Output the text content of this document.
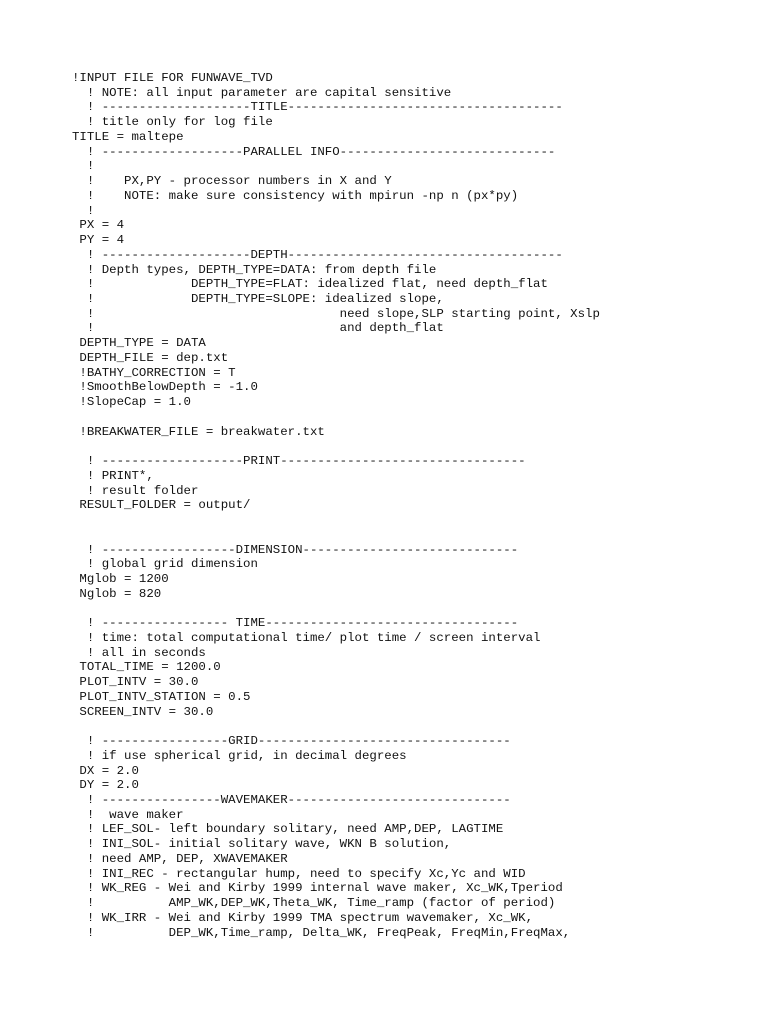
!INPUT FILE FOR FUNWAVE_TVD
! NOTE: all input parameter are capital sensitive
! --------------------TITLE-------------------------------------
! title only for log file
TITLE = maltepe
! -------------------PARALLEL INFO-----------------------------
!
!    PX,PY - processor numbers in X and Y
!    NOTE: make sure consistency with mpirun -np n (px*py)
!
PX = 4
PY = 4
! --------------------DEPTH-------------------------------------
! Depth types, DEPTH_TYPE=DATA: from depth file
!             DEPTH_TYPE=FLAT: idealized flat, need depth_flat
!             DEPTH_TYPE=SLOPE: idealized slope,
!                                 need slope,SLP starting point, Xslp
!                                 and depth_flat
DEPTH_TYPE = DATA
DEPTH_FILE = dep.txt
!BATHY_CORRECTION = T
!SmoothBelowDepth = -1.0
!SlopeCap = 1.0
!BREAKWATER_FILE = breakwater.txt
! -------------------PRINT---------------------------------
! PRINT*,
! result folder
RESULT_FOLDER = output/
! ------------------DIMENSION-----------------------------
! global grid dimension
Mglob = 1200
Nglob = 820
! ----------------- TIME----------------------------------
! time: total computational time/ plot time / screen interval
! all in seconds
TOTAL_TIME = 1200.0
PLOT_INTV = 30.0
PLOT_INTV_STATION = 0.5
SCREEN_INTV = 30.0
! -----------------GRID----------------------------------
! if use spherical grid, in decimal degrees
DX = 2.0
DY = 2.0
! ----------------WAVEMAKER------------------------------
!  wave maker
! LEF_SOL- left boundary solitary, need AMP,DEP, LAGTIME
! INI_SOL- initial solitary wave, WKN B solution,
! need AMP, DEP, XWAVEMAKER
! INI_REC - rectangular hump, need to specify Xc,Yc and WID
! WK_REG - Wei and Kirby 1999 internal wave maker, Xc_WK,Tperiod
!          AMP_WK,DEP_WK,Theta_WK, Time_ramp (factor of period)
! WK_IRR - Wei and Kirby 1999 TMA spectrum wavemaker, Xc_WK,
!          DEP_WK,Time_ramp, Delta_WK, FreqPeak, FreqMin,FreqMax,
